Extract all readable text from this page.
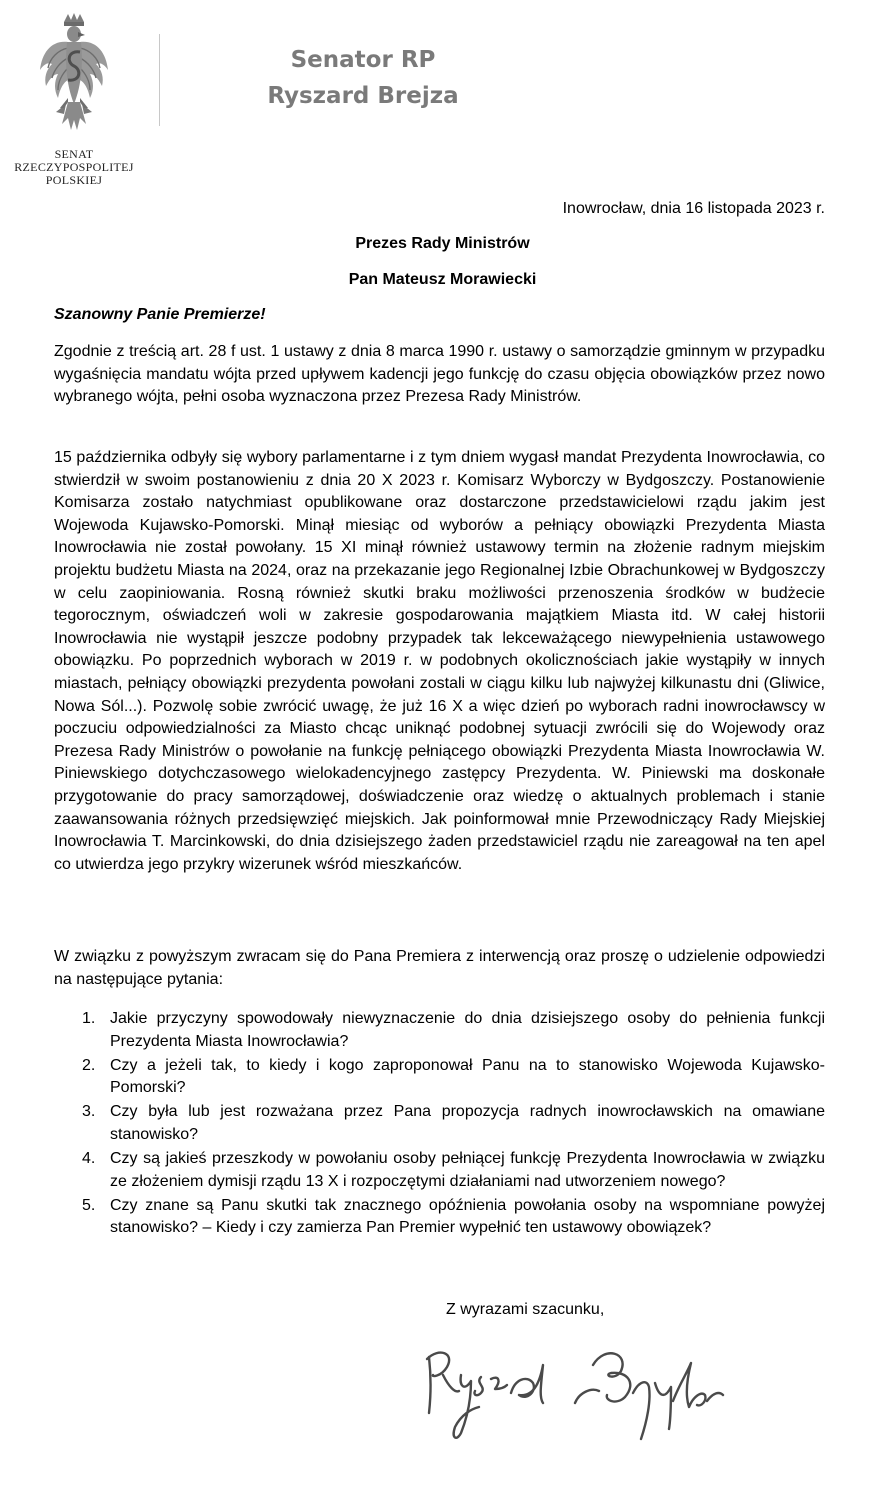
SENAT
RZECZYPOSPOLITEJ
POLSKIEJ
Senator RP
Ryszard Brejza
Inowrocław, dnia 16 listopada 2023 r.
Prezes Rady Ministrów
Pan Mateusz Morawiecki
Szanowny Panie Premierze!

Zgodnie z treścią art. 28 f ust. 1 ustawy z dnia 8 marca 1990 r. ustawy o samorządzie gminnym w przypadku wygaśnięcia mandatu wójta przed upływem kadencji jego funkcję do czasu objęcia obowiązków przez nowo wybranego wójta, pełni osoba wyznaczona przez Prezesa Rady Ministrów.

15 października odbyły się wybory parlamentarne i z tym dniem wygasł mandat Prezydenta Inowrocławia, co stwierdził w swoim postanowieniu z dnia 20 X 2023 r. Komisarz Wyborczy w Bydgoszczy. Postanowienie Komisarza zostało natychmiast opublikowane oraz dostarczone przedstawicielowi rządu jakim jest Wojewoda Kujawsko-Pomorski. Minął miesiąc od wyborów a pełniący obowiązki Prezydenta Miasta Inowrocławia nie został powołany. 15 XI minął również ustawowy termin na złożenie radnym miejskim projektu budżetu Miasta na 2024, oraz na przekazanie jego Regionalnej Izbie Obrachunkowej w Bydgoszczy w celu zaopiniowania. Rosną również skutki braku możliwości przenoszenia środków w budżecie tegorocznym, oświadczeń woli w zakresie gospodarowania majątkiem Miasta itd. W całej historii Inowrocławia nie wystąpił jeszcze podobny przypadek tak lekceważącego niewypełnienia ustawowego obowiązku. Po poprzednich wyborach w 2019 r. w podobnych okolicznościach jakie wystąpiły w innych miastach, pełniący obowiązki prezydenta powołani zostali w ciągu kilku lub najwyżej kilkunastu dni (Gliwice, Nowa Sól...). Pozwolę sobie zwrócić uwagę, że już 16 X a więc dzień po wyborach radni inowrocławscy w poczuciu odpowiedzialności za Miasto chcąc uniknąć podobnej sytuacji zwrócili się do Wojewody oraz Prezesa Rady Ministrów o powołanie na funkcję pełniącego obowiązki Prezydenta Miasta Inowrocławia W. Piniewskiego dotychczasowego wielokadencyjnego zastępcy Prezydenta. W. Piniewski ma doskonałe przygotowanie do pracy samorządowej, doświadczenie oraz wiedzę o aktualnych problemach i stanie zaawansowania różnych przedsięwzięć miejskich. Jak poinformował mnie Przewodniczący Rady Miejskiej Inowrocławia T. Marcinkowski, do dnia dzisiejszego żaden przedstawiciel rządu nie zareagował na ten apel co utwierdza jego przykry wizerunek wśród mieszkańców.

W związku z powyższym zwracam się do Pana Premiera z interwencją oraz proszę o udzielenie odpowiedzi na następujące pytania:

1. Jakie przyczyny spowodowały niewyznaczenie do dnia dzisiejszego osoby do pełnienia funkcji Prezydenta Miasta Inowrocławia?
2. Czy a jeżeli tak, to kiedy i kogo zaproponował Panu na to stanowisko Wojewoda Kujawsko-Pomorski?
3. Czy była lub jest rozważana przez Pana propozycja radnych inowrocławskich na omawiane stanowisko?
4. Czy są jakieś przeszkody w powołaniu osoby pełniącej funkcję Prezydenta Inowrocławia w związku ze złożeniem dymisji rządu 13 X i rozpoczętymi działaniami nad utworzeniem nowego?
5. Czy znane są Panu skutki tak znacznego opóźnienia powołania osoby na wspomniane powyżej stanowisko? – Kiedy i czy zamierza Pan Premier wypełnić ten ustawowy obowiązek?
Z wyrazami szacunku,
